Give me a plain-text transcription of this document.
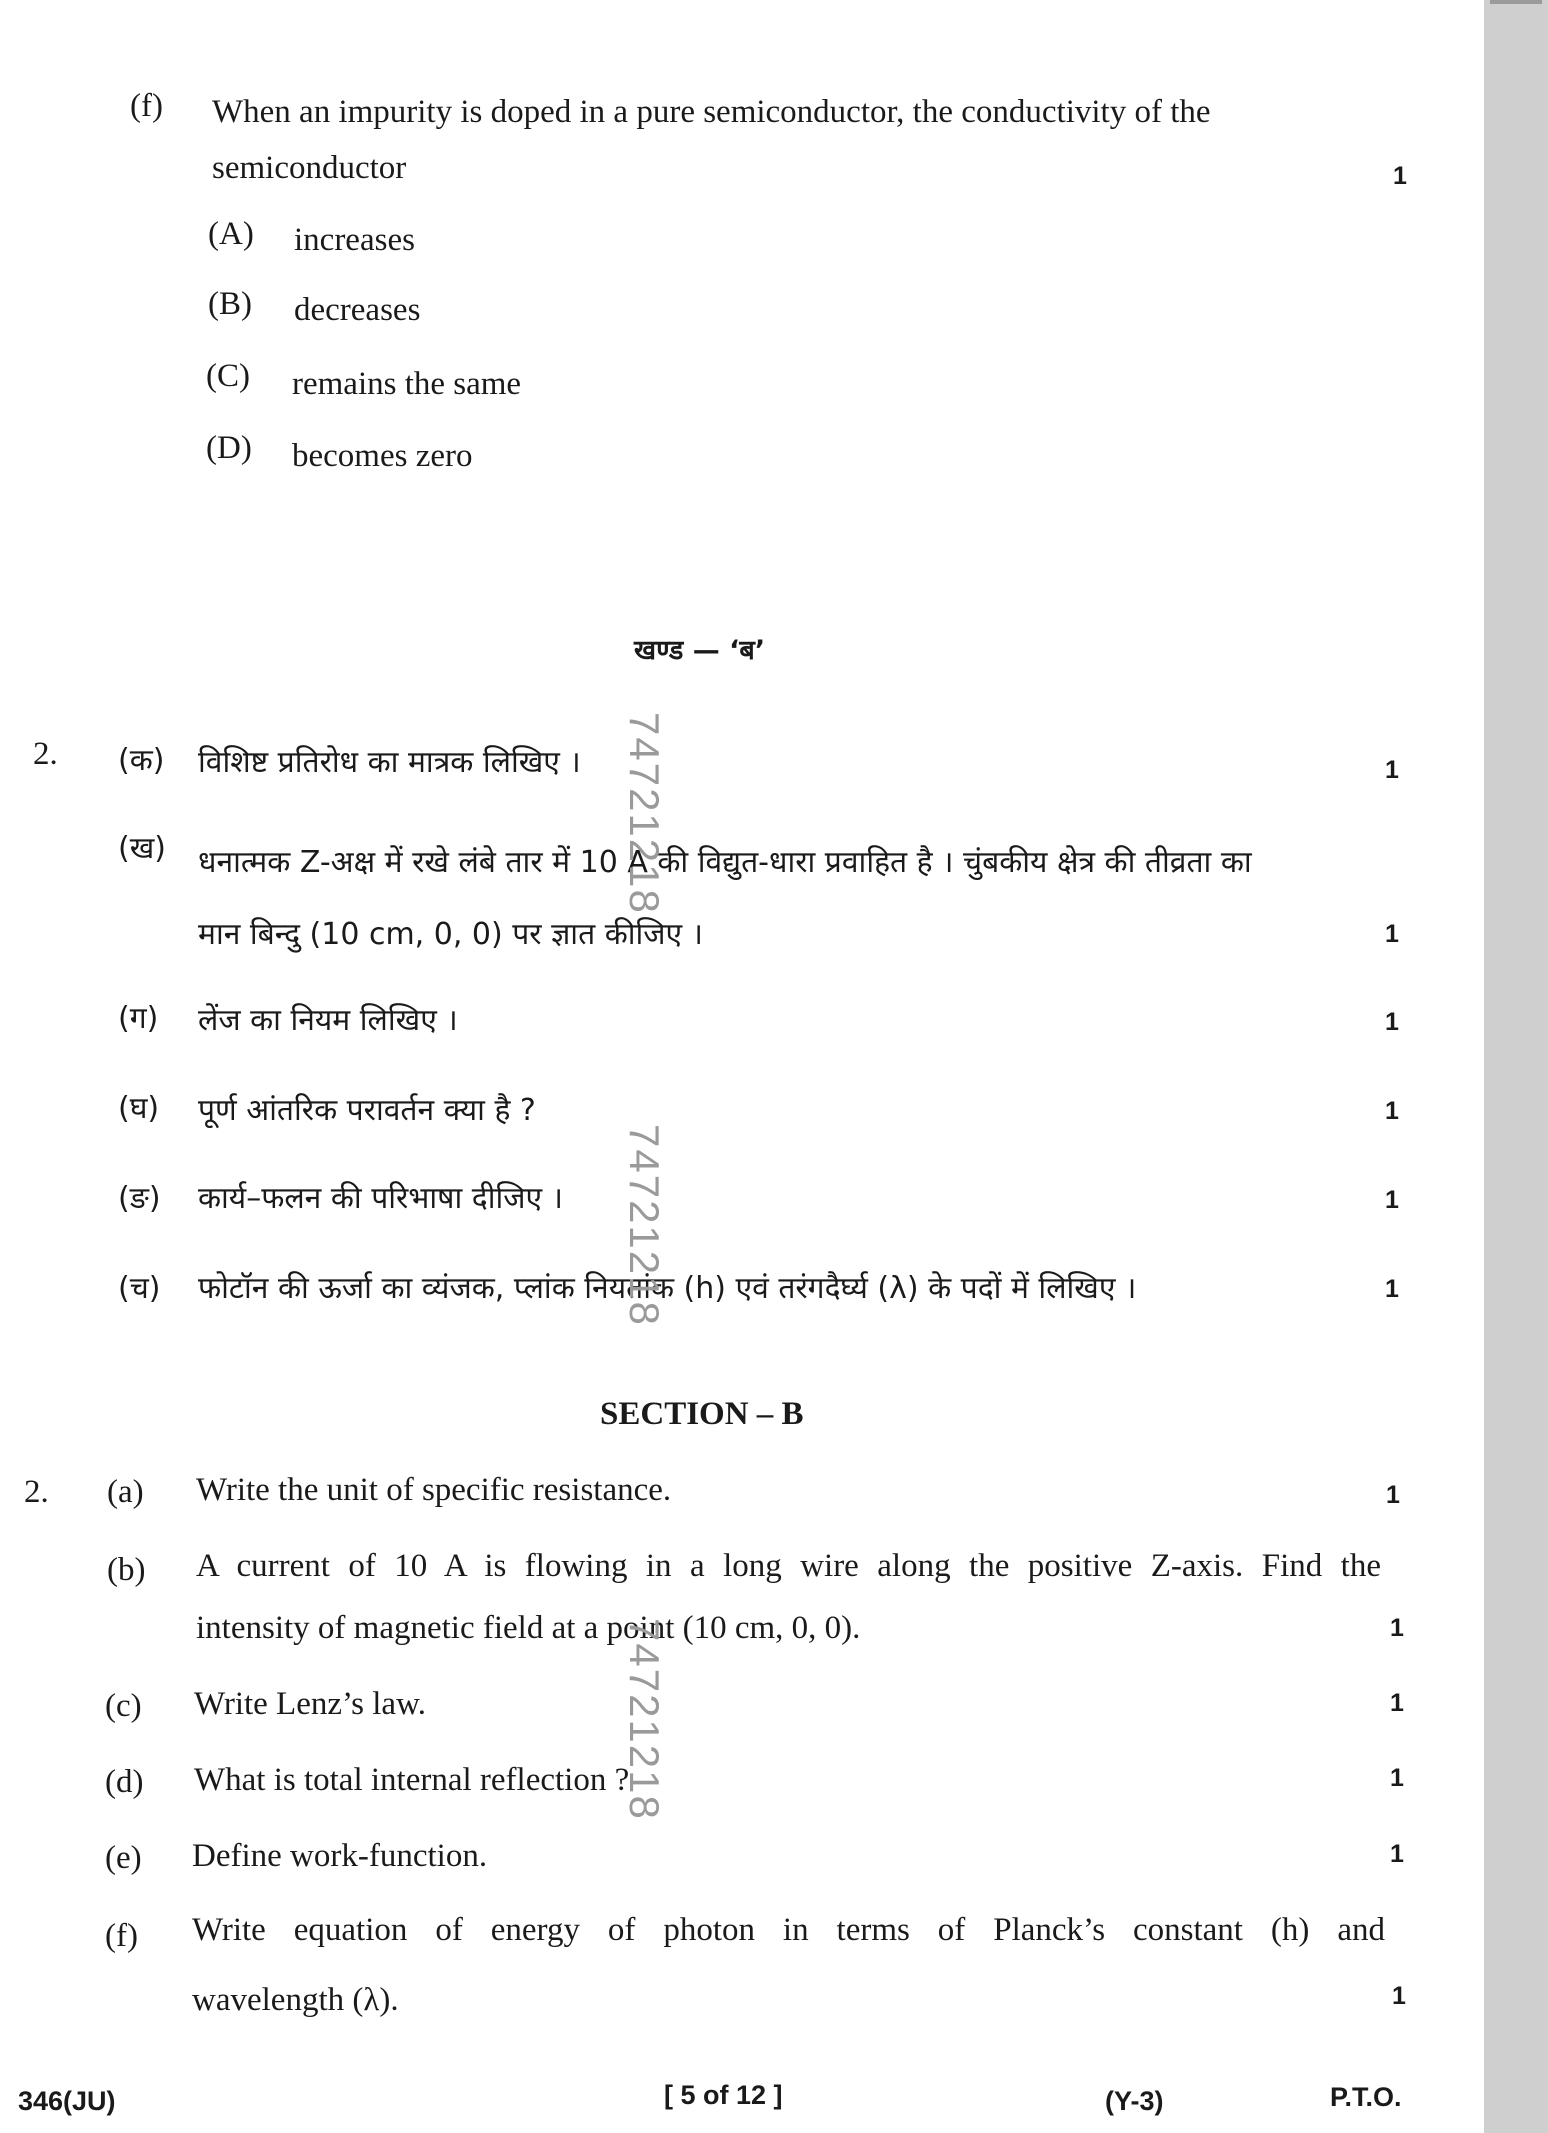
(f) When an impurity is doped in a pure semiconductor, the conductivity of the
semiconductor	1
(A) increases
(B) decreases
(C) remains the same
(D) becomes zero
खण्ड — ‘ब’
2. (क) विशिष्ट प्रतिरोध का मात्रक लिखिए ।	1
(ख) धनात्मक Z-अक्ष में रखे लंबे तार में 10 A की विद्युत-धारा प्रवाहित है । चुंबकीय क्षेत्र की तीव्रता का
मान बिन्दु (10 cm, 0, 0) पर ज्ञात कीजिए ।	1
(ग) लेंज का नियम लिखिए ।	1
(घ) पूर्ण आंतरिक परावर्तन क्या है ?	1
(ङ) कार्य–फलन की परिभाषा दीजिए ।	1
(च) फोटॉन की ऊर्जा का व्यंजक, प्लांक नियतांक (h) एवं तरंगदैर्घ्य (λ) के पदों में लिखिए ।	1
SECTION – B
2. (a) Write the unit of specific resistance.	1
(b) A current of 10 A is flowing in a long wire along the positive Z-axis. Find the
intensity of magnetic field at a point (10 cm, 0, 0).	1
(c) Write Lenz’s law.	1
(d) What is total internal reflection ?	1
(e) Define work-function.	1
(f) Write equation of energy of photon in terms of Planck’s constant (h) and
wavelength (λ).	1
74721218
74721218
74721218
346(JU)	[ 5 of 12 ]	(Y-3)	P.T.O.
